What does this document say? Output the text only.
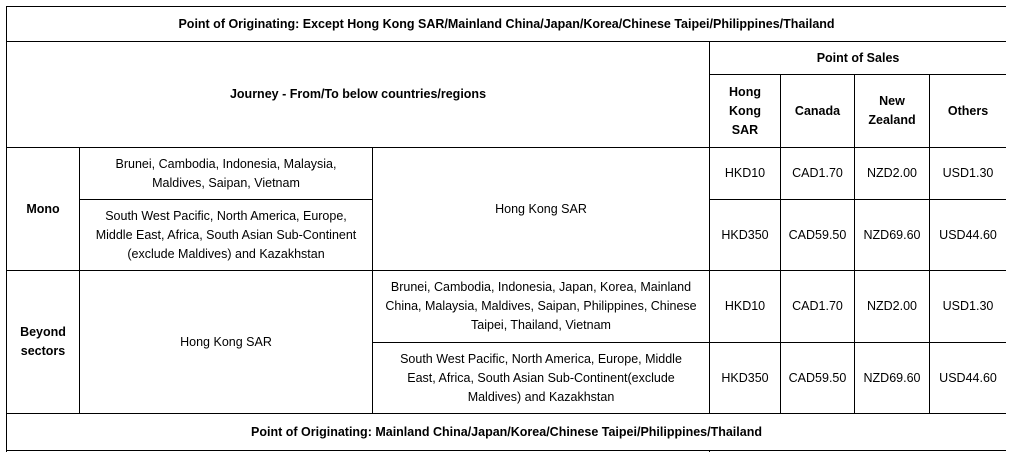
Point of Originating: Except Hong Kong SAR/Mainland China/Japan/Korea/Chinese Taipei/Philippines/Thailand						
Journey - From/To below countries/regions			Point of Sales			
			Hong Kong SAR	Canada	New Zealand	Others
Mono	Brunei, Cambodia, Indonesia, Malaysia, Maldives, Saipan, Vietnam	Hong Kong SAR	HKD10	CAD1.70	NZD2.00	USD1.30
	South West Pacific, North America, Europe, Middle East, Africa, South Asian Sub-Continent (exclude Maldives) and Kazakhstan		HKD350	CAD59.50	NZD69.60	USD44.60
Beyond sectors	Hong Kong SAR	Brunei, Cambodia, Indonesia, Japan, Korea, Mainland China, Malaysia, Maldives, Saipan, Philippines, Chinese Taipei, Thailand, Vietnam	HKD10	CAD1.70	NZD2.00	USD1.30
		South West Pacific, North America, Europe, Middle East, Africa, South Asian Sub-Continent(exclude Maldives) and Kazakhstan	HKD350	CAD59.50	NZD69.60	USD44.60
Point of Originating: Mainland China/Japan/Korea/Chinese Taipei/Philippines/Thailand						
